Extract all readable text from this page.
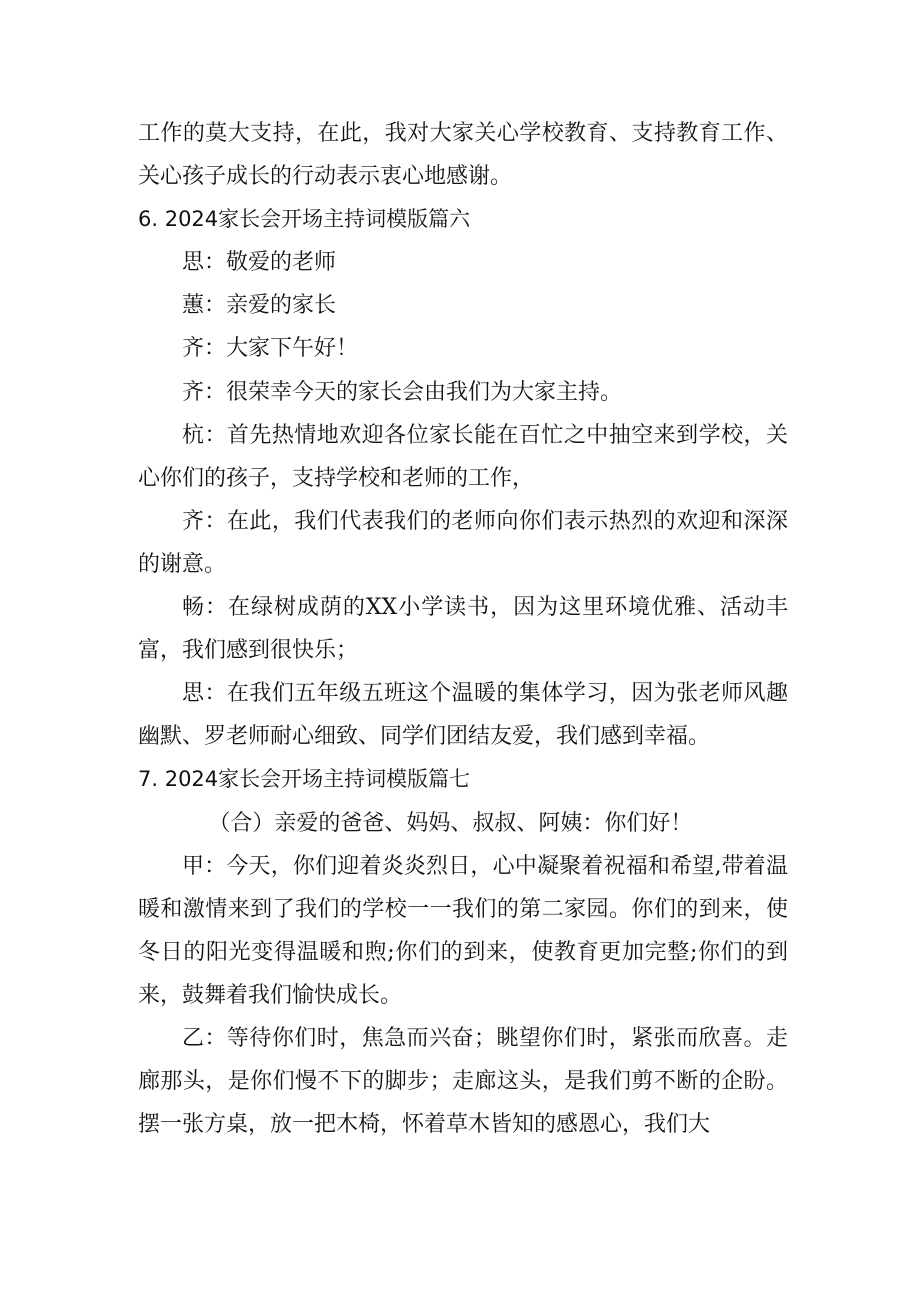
工作的莫大支持，在此，我对大家关心学校教育、支持教育工作、关心孩子成长的行动表示衷心地感谢。

6. 2024家长会开场主持词模版篇六

思：敬爱的老师

蕙：亲爱的家长

齐：大家下午好！

齐：很荣幸今天的家长会由我们为大家主持。

杭：首先热情地欢迎各位家长能在百忙之中抽空来到学校，关心你们的孩子，支持学校和老师的工作，

齐：在此，我们代表我们的老师向你们表示热烈的欢迎和深深的谢意。

畅：在绿树成荫的XX小学读书，因为这里环境优雅、活动丰富，我们感到很快乐；

思：在我们五年级五班这个温暖的集体学习，因为张老师风趣幽默、罗老师耐心细致、同学们团结友爱，我们感到幸福。

7. 2024家长会开场主持词模版篇七

（合）亲爱的爸爸、妈妈、叔叔、阿姨：你们好！

甲：今天，你们迎着炎炎烈日，心中凝聚着祝福和希望,带着温暖和激情来到了我们的学校一一我们的第二家园。你们的到来，使冬日的阳光变得温暖和煦;你们的到来，使教育更加完整;你们的到来，鼓舞着我们愉快成长。

乙：等待你们时，焦急而兴奋；眺望你们时，紧张而欣喜。走廊那头，是你们慢不下的脚步；走廊这头，是我们剪不断的企盼。摆一张方桌，放一把木椅，怀着草木皆知的感恩心，我们大
